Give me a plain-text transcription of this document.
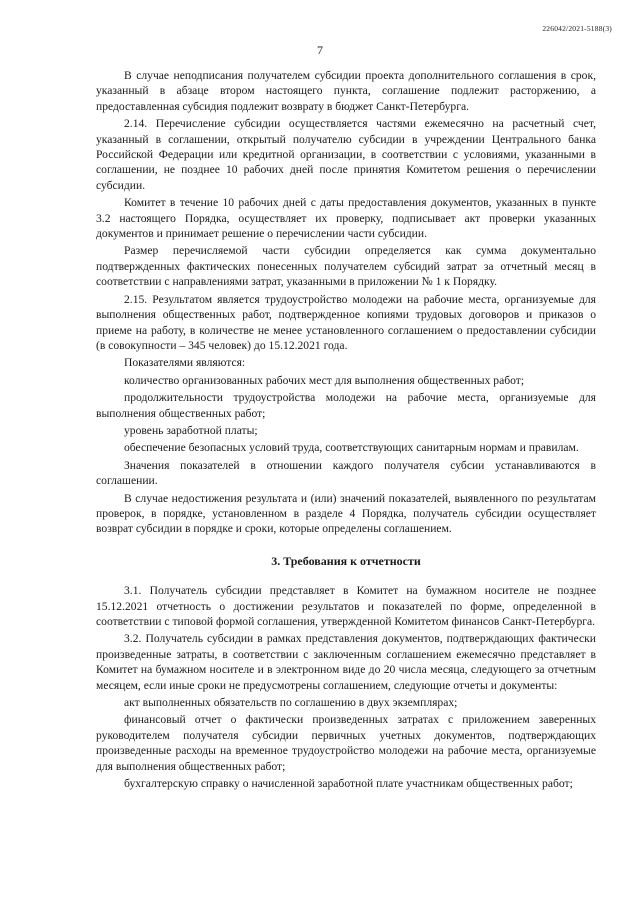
226042/2021-5188(3)
7

В случае неподписания получателем субсидии проекта дополнительного соглашения в срок, указанный в абзаце втором настоящего пункта, соглашение подлежит расторжению, а предоставленная субсидия подлежит возврату в бюджет Санкт-Петербурга.

2.14. Перечисление субсидии осуществляется частями ежемесячно на расчетный счет, указанный в соглашении, открытый получателю субсидии в учреждении Центрального банка Российской Федерации или кредитной организации, в соответствии с условиями, указанными в соглашении, не позднее 10 рабочих дней после принятия Комитетом решения о перечислении субсидии.

Комитет в течение 10 рабочих дней с даты предоставления документов, указанных в пункте 3.2 настоящего Порядка, осуществляет их проверку, подписывает акт проверки указанных документов и принимает решение о перечислении части субсидии.

Размер перечисляемой части субсидии определяется как сумма документально подтвержденных фактических понесенных получателем субсидий затрат за отчетный месяц в соответствии с направлениями затрат, указанными в приложении № 1 к Порядку.

2.15. Результатом является трудоустройство молодежи на рабочие места, организуемые для выполнения общественных работ, подтвержденное копиями трудовых договоров и приказов о приеме на работу, в количестве не менее установленного соглашением о предоставлении субсидии (в совокупности – 345 человек) до 15.12.2021 года.

Показателями являются:

количество организованных рабочих мест для выполнения общественных работ;

продолжительности трудоустройства молодежи на рабочие места, организуемые для выполнения общественных работ;

уровень заработной платы;

обеспечение безопасных условий труда, соответствующих санитарным нормам и правилам.

Значения показателей в отношении каждого получателя субсии устанавливаются в соглашении.

В случае недостижения результата и (или) значений показателей, выявленного по результатам проверок, в порядке, установленном в разделе 4 Порядка, получатель субсидии осуществляет возврат субсидии в порядке и сроки, которые определены соглашением.

3. Требования к отчетности

3.1. Получатель субсидии представляет в Комитет на бумажном носителе не позднее 15.12.2021 отчетность о достижении результатов и показателей по форме, определенной в соответствии с типовой формой соглашения, утвержденной Комитетом финансов Санкт-Петербурга.

3.2. Получатель субсидии в рамках представления документов, подтверждающих фактически произведенные затраты, в соответствии с заключенным соглашением ежемесячно представляет в Комитет на бумажном носителе и в электронном виде до 20 числа месяца, следующего за отчетным месяцем, если иные сроки не предусмотрены соглашением, следующие отчеты и документы:

акт выполненных обязательств по соглашению в двух экземплярах;

финансовый отчет о фактически произведенных затратах с приложением заверенных руководителем получателя субсидии первичных учетных документов, подтверждающих произведенные расходы на временное трудоустройство молодежи на рабочие места, организуемые для выполнения общественных работ;

бухгалтерскую справку о начисленной заработной плате участникам общественных работ;
